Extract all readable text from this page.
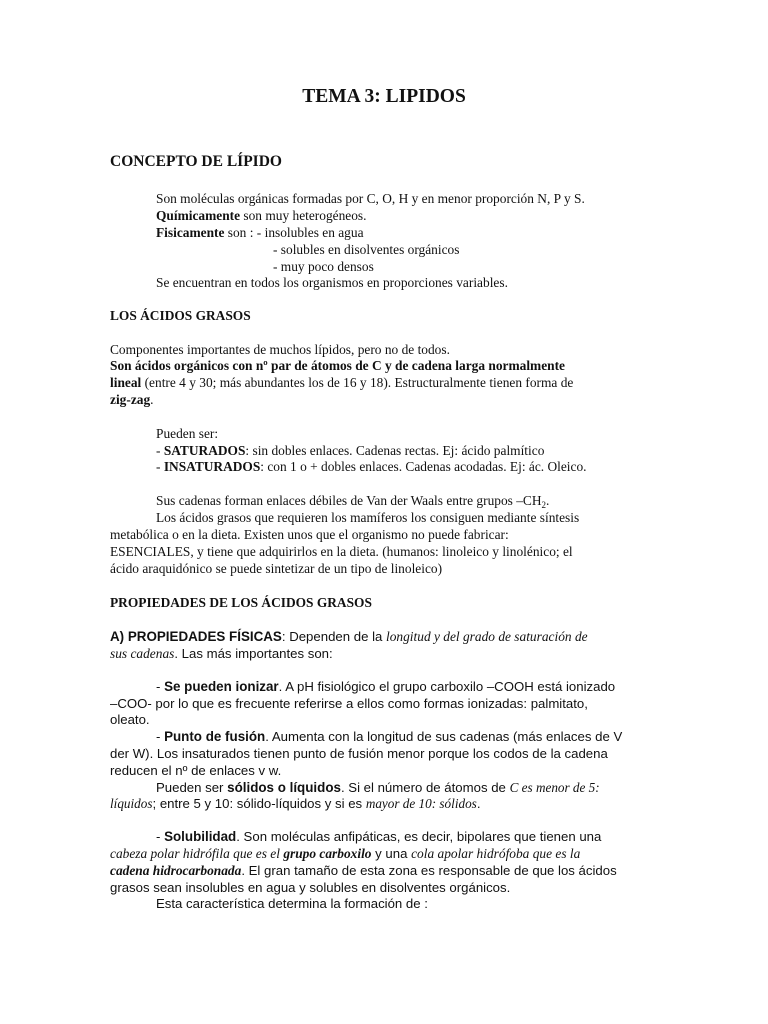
TEMA 3: LIPIDOS
CONCEPTO DE LÍPIDO
Son moléculas orgánicas formadas por C, O, H y en menor proporción N, P y S.
Químicamente son muy heterogéneos.
Fisicamente son : - insolubles en agua
- solubles en disolventes orgánicos
- muy poco densos
Se encuentran en todos los organismos en proporciones variables.
LOS ÁCIDOS GRASOS
Componentes importantes de muchos lípidos, pero no de todos.
Son ácidos orgánicos con nº par de átomos de C y de cadena larga normalmente
lineal (entre 4 y 30; más abundantes los de 16 y 18). Estructuralmente tienen forma de
zig-zag.
Pueden ser:
- SATURADOS: sin dobles enlaces. Cadenas rectas. Ej: ácido palmítico
- INSATURADOS: con 1 o + dobles enlaces. Cadenas acodadas. Ej: ác. Oleico.
Sus cadenas forman enlaces débiles de Van der Waals entre grupos $-CH_2$.
Los ácidos grasos que requieren los mamíferos los consiguen mediante síntesis
metabólica o en la dieta. Existen unos que el organismo no puede fabricar:
ESENCIALES, y tiene que adquirirlos en la dieta. (humanos: linoleico y linolénico; el
ácido araquidónico se puede sintetizar de un tipo de linoleico)
PROPIEDADES DE LOS ÁCIDOS GRASOS
A) PROPIEDADES FÍSICAS: Dependen de la longitud y del grado de saturación de
sus cadenas. Las más importantes son:
- Se pueden ionizar. A pH fisiológico el grupo carboxilo –COOH está ionizado
–COO- por lo que es frecuente referirse a ellos como formas ionizadas: palmitato,
oleato.
- Punto de fusión. Aumenta con la longitud de sus cadenas (más enlaces de V
der W). Los insaturados tienen punto de fusión menor porque los codos de la cadena
reducen el nº de enlaces v w.
Pueden ser sólidos o líquidos. Si el número de átomos de C es menor de 5:
líquidos; entre 5 y 10: sólido-líquidos y si es mayor de 10: sólidos.
- Solubilidad. Son moléculas anfipáticas, es decir, bipolares que tienen una
cabeza polar hidrófila que es el grupo carboxilo y una cola apolar hidrófoba que es la
cadena hidrocarbonada. El gran tamaño de esta zona es responsable de que los ácidos
grasos sean insolubles en agua y solubles en disolventes orgánicos.
Esta característica determina la formación de :
